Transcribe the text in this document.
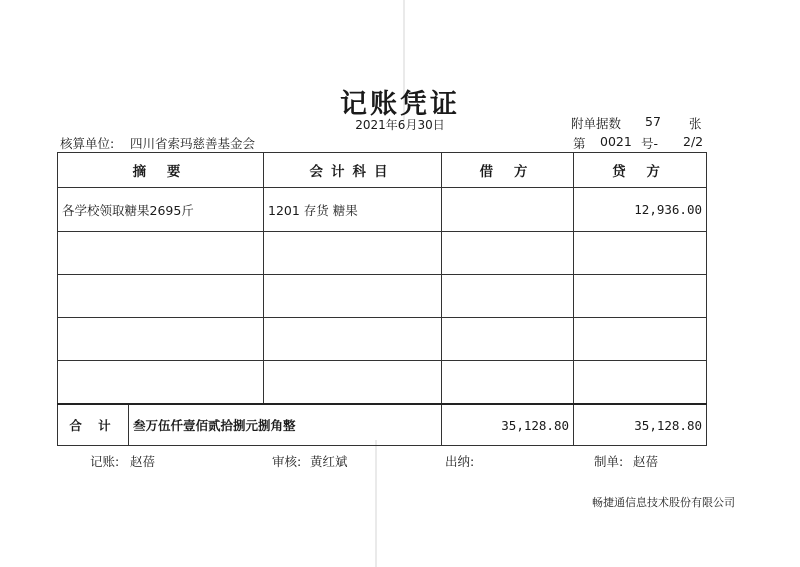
记账凭证
2021年6月30日	附单据数 57 张
核算单位: 四川省索玛慈善基金会	第 0021 号- 2/2
摘 要		会计科目	借 方	贷 方
各学校领取糖果2695斤		1201 存货 糖果		12,936.00

合 计	叁万伍仟壹佰贰拾捌元捌角整		35,128.80	35,128.80
记账: 赵蓓	审核: 黄红斌	出纳:	制单: 赵蓓
畅捷通信息技术股份有限公司
